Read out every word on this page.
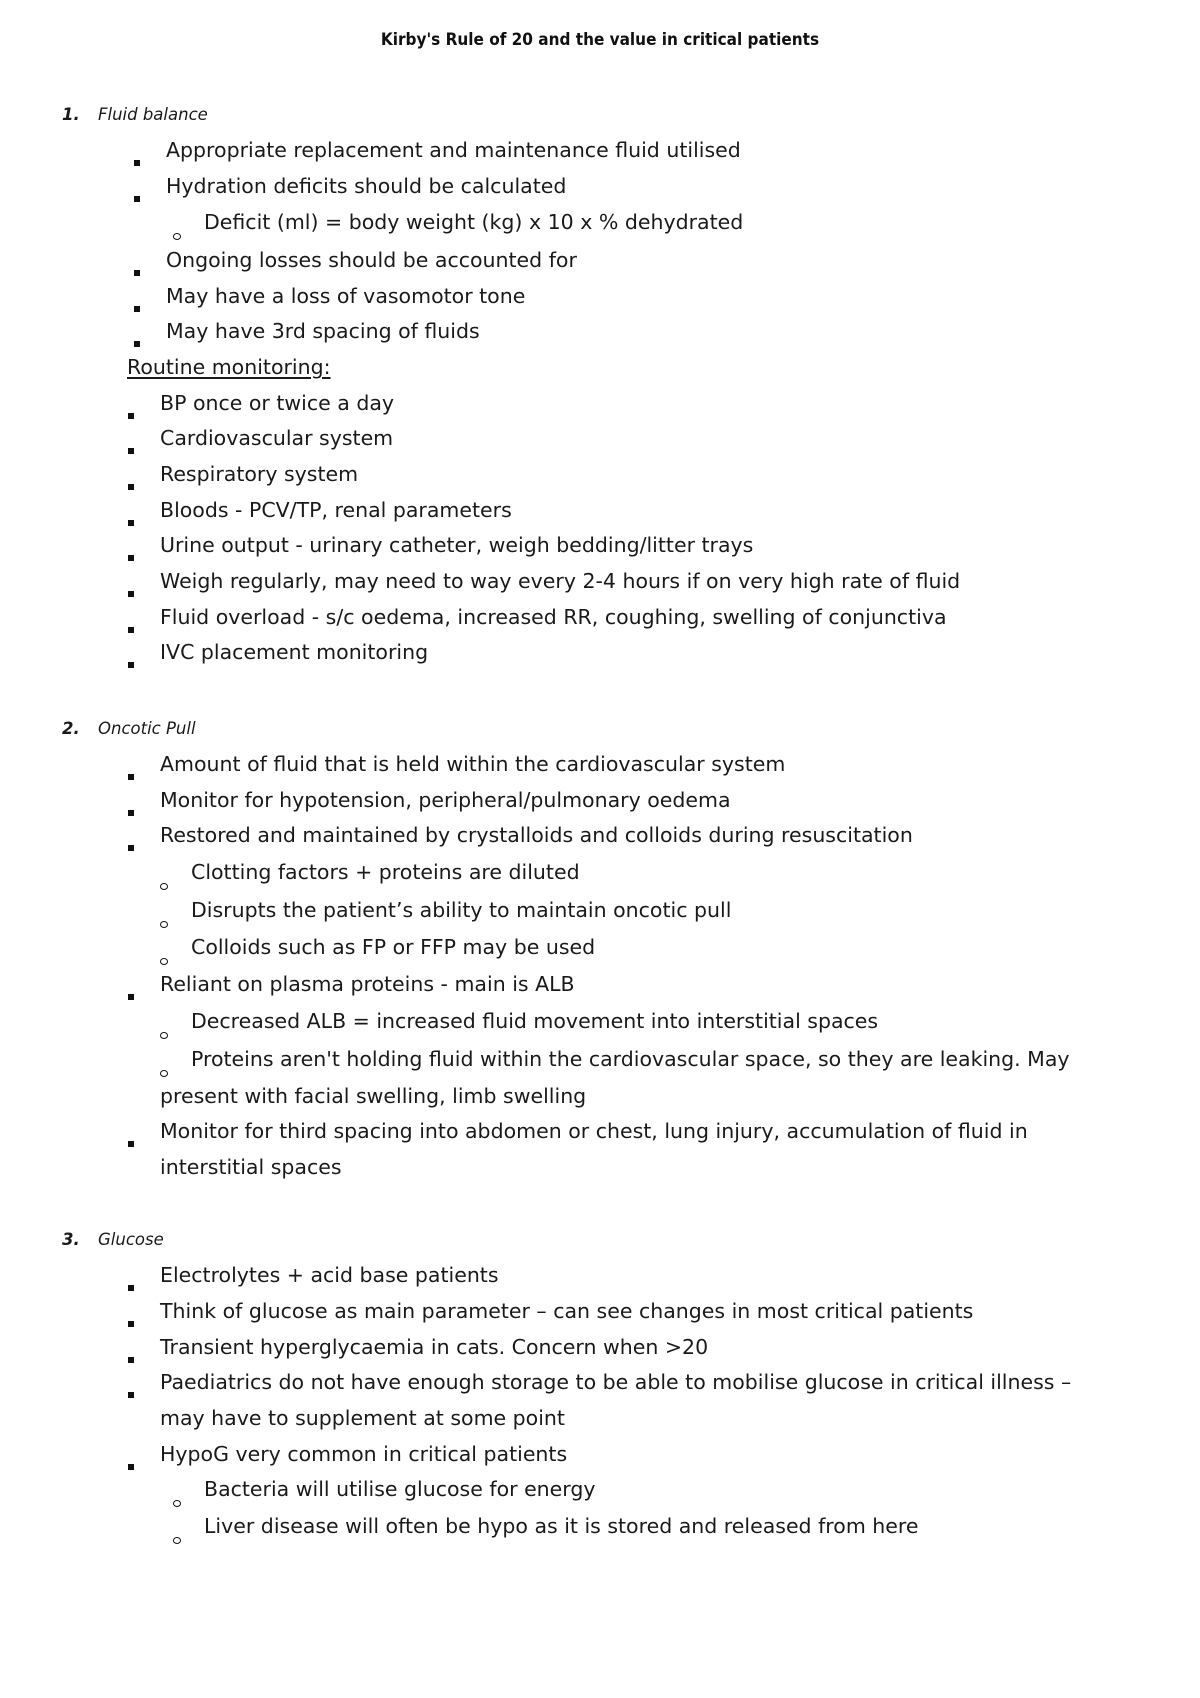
Kirby's Rule of 20 and the value in critical patients
1. Fluid balance
Appropriate replacement and maintenance fluid utilised
Hydration deficits should be calculated
Deficit (ml) = body weight (kg) x 10 x % dehydrated
Ongoing losses should be accounted for
May have a loss of vasomotor tone
May have 3rd spacing of fluids
Routine monitoring:
BP once or twice a day
Cardiovascular system
Respiratory system
Bloods - PCV/TP, renal parameters
Urine output - urinary catheter, weigh bedding/litter trays
Weigh regularly, may need to way every 2-4 hours if on very high rate of fluid
Fluid overload - s/c oedema, increased RR, coughing, swelling of conjunctiva
IVC placement monitoring
2. Oncotic Pull
Amount of fluid that is held within the cardiovascular system
Monitor for hypotension, peripheral/pulmonary oedema
Restored and maintained by crystalloids and colloids during resuscitation
Clotting factors + proteins are diluted
Disrupts the patient’s ability to maintain oncotic pull
Colloids such as FP or FFP may be used
Reliant on plasma proteins - main is ALB
Decreased ALB = increased fluid movement into interstitial spaces
Proteins aren't holding fluid within the cardiovascular space, so they are leaking. May
present with facial swelling, limb swelling
Monitor for third spacing into abdomen or chest, lung injury, accumulation of fluid in
interstitial spaces
3. Glucose
Electrolytes + acid base patients
Think of glucose as main parameter – can see changes in most critical patients
Transient hyperglycaemia in cats. Concern when >20
Paediatrics do not have enough storage to be able to mobilise glucose in critical illness –
may have to supplement at some point
HypoG very common in critical patients
Bacteria will utilise glucose for energy
Liver disease will often be hypo as it is stored and released from here
